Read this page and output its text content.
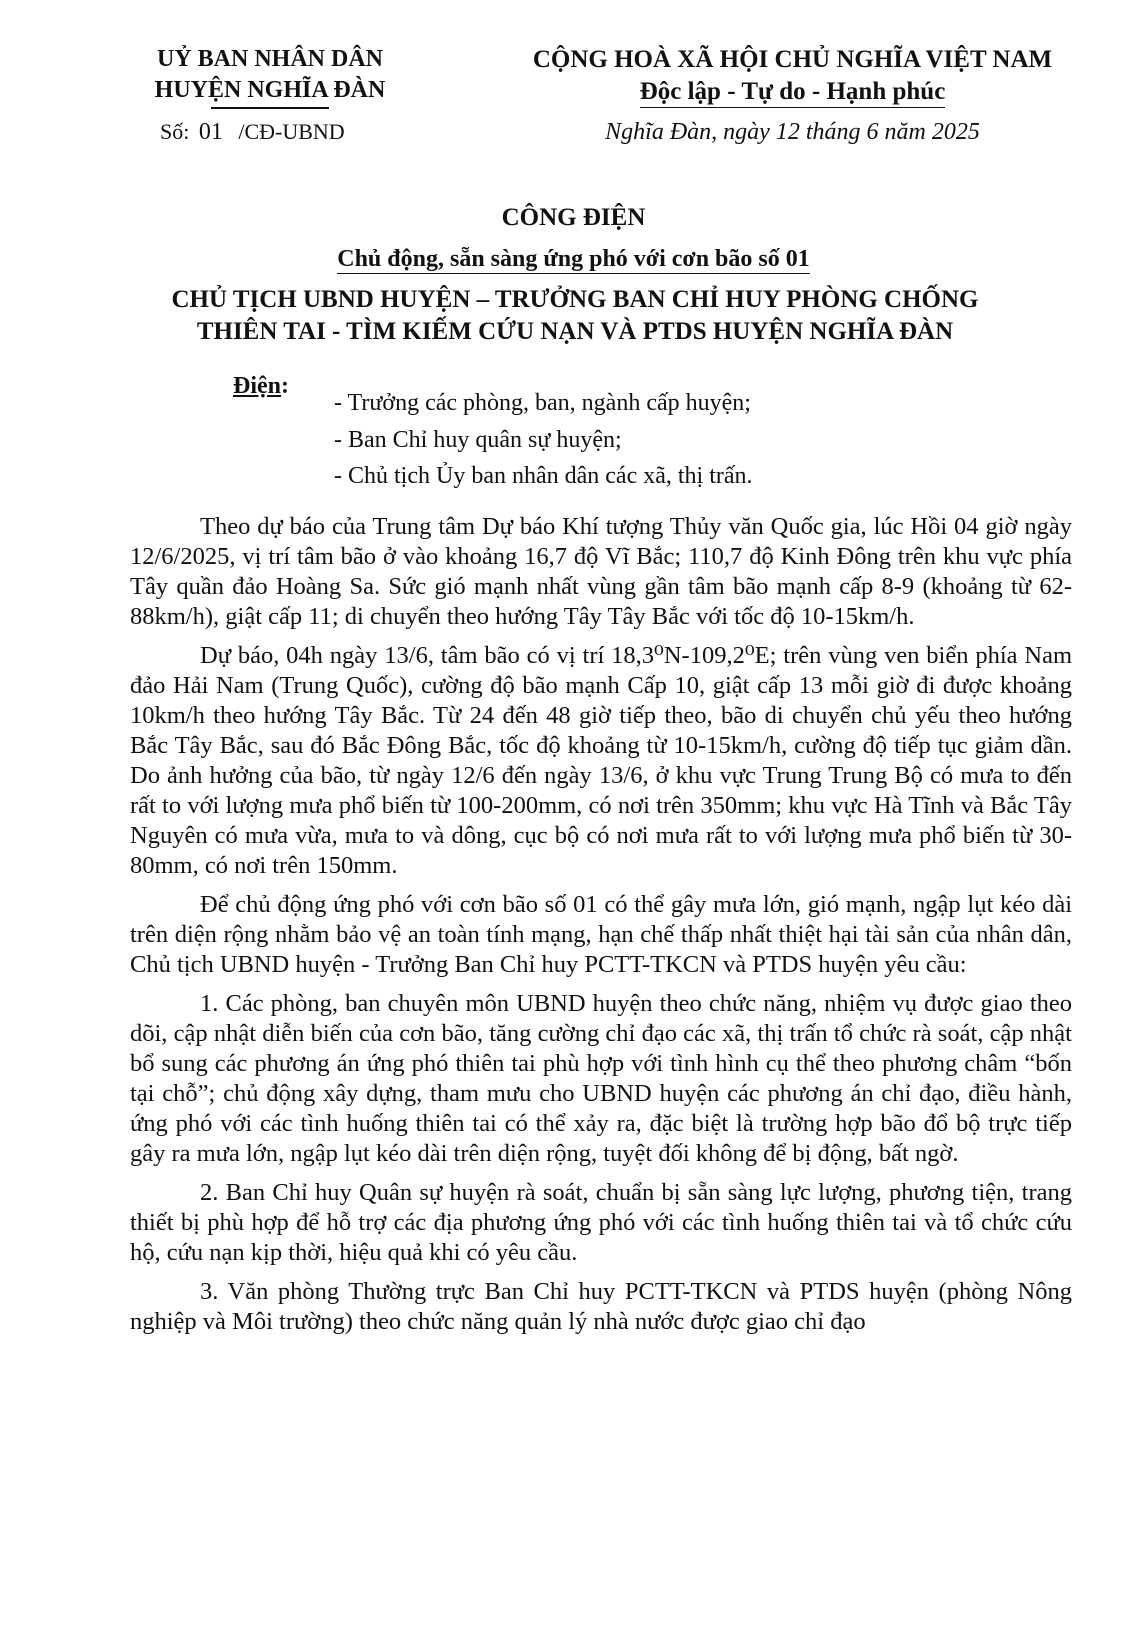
UỶ BAN NHÂN DÂN
HUYỆN NGHĨA ĐÀN
Số: 01 /CĐ-UBND
CỘNG HOÀ XÃ HỘI CHỦ NGHĨA VIỆT NAM
Độc lập - Tự do - Hạnh phúc
Nghĩa Đàn, ngày 12 tháng 6 năm 2025
CÔNG ĐIỆN
Chủ động, sẵn sàng ứng phó với cơn bão số 01
CHỦ TỊCH UBND HUYỆN – TRƯỞNG BAN CHỈ HUY PHÒNG CHỐNG
THIÊN TAI - TÌM KIẾM CỨU NẠN VÀ PTDS HUYỆN NGHĨA ĐÀN
Điện:
- Trưởng các phòng, ban, ngành cấp huyện;
- Ban Chỉ huy quân sự huyện;
- Chủ tịch Ủy ban nhân dân các xã, thị trấn.

Theo dự báo của Trung tâm Dự báo Khí tượng Thủy văn Quốc gia, lúc Hồi 04 giờ ngày 12/6/2025, vị trí tâm bão ở vào khoảng 16,7 độ Vĩ Bắc; 110,7 độ Kinh Đông trên khu vực phía Tây quần đảo Hoàng Sa. Sức gió mạnh nhất vùng gần tâm bão mạnh cấp 8-9 (khoảng từ 62-88km/h), giật cấp 11; di chuyển theo hướng Tây Tây Bắc với tốc độ 10-15km/h.

Dự báo, 04h ngày 13/6, tâm bão có vị trí 18,3⁰N-109,2⁰E; trên vùng ven biển phía Nam đảo Hải Nam (Trung Quốc), cường độ bão mạnh Cấp 10, giật cấp 13 mỗi giờ đi được khoảng 10km/h theo hướng Tây Bắc. Từ 24 đến 48 giờ tiếp theo, bão di chuyển chủ yếu theo hướng Bắc Tây Bắc, sau đó Bắc Đông Bắc, tốc độ khoảng từ 10-15km/h, cường độ tiếp tục giảm dần. Do ảnh hưởng của bão, từ ngày 12/6 đến ngày 13/6, ở khu vực Trung Trung Bộ có mưa to đến rất to với lượng mưa phổ biến từ 100-200mm, có nơi trên 350mm; khu vực Hà Tĩnh và Bắc Tây Nguyên có mưa vừa, mưa to và dông, cục bộ có nơi mưa rất to với lượng mưa phổ biến từ 30-80mm, có nơi trên 150mm.

Để chủ động ứng phó với cơn bão số 01 có thể gây mưa lớn, gió mạnh, ngập lụt kéo dài trên diện rộng nhằm bảo vệ an toàn tính mạng, hạn chế thấp nhất thiệt hại tài sản của nhân dân, Chủ tịch UBND huyện - Trưởng Ban Chỉ huy PCTT-TKCN và PTDS huyện yêu cầu:

1. Các phòng, ban chuyên môn UBND huyện theo chức năng, nhiệm vụ được giao theo dõi, cập nhật diễn biến của cơn bão, tăng cường chỉ đạo các xã, thị trấn tổ chức rà soát, cập nhật bổ sung các phương án ứng phó thiên tai phù hợp với tình hình cụ thể theo phương châm “bốn tại chỗ”; chủ động xây dựng, tham mưu cho UBND huyện các phương án chỉ đạo, điều hành, ứng phó với các tình huống thiên tai có thể xảy ra, đặc biệt là trường hợp bão đổ bộ trực tiếp gây ra mưa lớn, ngập lụt kéo dài trên diện rộng, tuyệt đối không để bị động, bất ngờ.

2. Ban Chỉ huy Quân sự huyện rà soát, chuẩn bị sẵn sàng lực lượng, phương tiện, trang thiết bị phù hợp để hỗ trợ các địa phương ứng phó với các tình huống thiên tai và tổ chức cứu hộ, cứu nạn kịp thời, hiệu quả khi có yêu cầu.

3. Văn phòng Thường trực Ban Chỉ huy PCTT-TKCN và PTDS huyện (phòng Nông nghiệp và Môi trường) theo chức năng quản lý nhà nước được giao chỉ đạo
